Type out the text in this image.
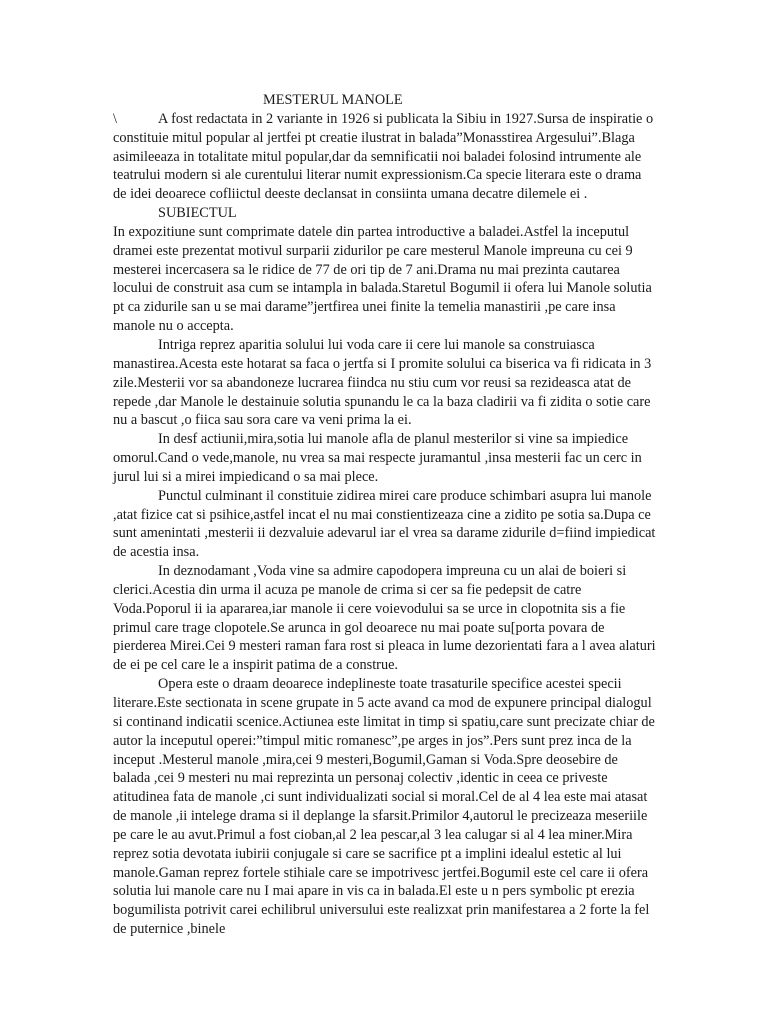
MESTERUL MANOLE

\	A fost redactata in 2 variante in 1926 si publicata la Sibiu in 1927.Sursa de inspiratie o constituie mitul popular al jertfei pt creatie ilustrat in balada”Monasstirea Argesului”.Blaga asimileeaza in totalitate mitul popular,dar da semnificatii noi baladei folosind intrumente ale teatrului modern si ale curentului literar numit expressionism.Ca specie literara este o drama de idei deoarece cofliictul deeste declansat in consiinta umana decatre dilemele ei .

SUBIECTUL

In expozitiune sunt comprimate datele din partea introductive a baladei.Astfel la inceputul dramei este prezentat motivul surparii zidurilor pe care mesterul Manole impreuna cu cei 9 mesterei incercasera sa le ridice de 77 de ori tip de 7 ani.Drama nu mai prezinta cautarea locului de construit asa cum se intampla in balada.Staretul Bogumil ii ofera lui Manole solutia pt ca zidurile san u se mai darame”jertfirea unei finite la temelia manastirii ,pe care insa manole nu o accepta.

Intriga reprez aparitia solului lui voda care ii cere lui manole sa construiasca manastirea.Acesta este hotarat sa faca o jertfa si I promite solului ca biserica va fi ridicata in 3 zile.Mesterii vor sa abandoneze lucrarea fiindca nu stiu cum vor reusi sa rezideasca atat de repede ,dar Manole le destainuie solutia spunandu le ca la baza cladirii va fi zidita o sotie care nu a bascut ,o fiica sau sora care va veni prima la ei.

In desf actiunii,mira,sotia lui manole afla de planul mesterilor si vine sa impiedice omorul.Cand o vede,manole, nu vrea sa mai respecte juramantul ,insa mesterii fac un cerc in jurul lui si a mirei impiedicand o sa mai plece.

Punctul culminant il constituie zidirea mirei care produce schimbari asupra lui manole ,atat fizice cat si psihice,astfel incat el nu mai constientizeaza cine a zidito pe sotia sa.Dupa ce sunt amenintati ,mesterii ii dezvaluie adevarul iar el vrea sa darame zidurile d=fiind impiedicat de acestia insa.

In deznodamant ,Voda vine sa admire capodopera impreuna cu un alai de boieri si clerici.Acestia din urma il acuza pe manole de crima si cer sa fie pedepsit de catre Voda.Poporul ii ia apararea,iar manole ii cere voievodului sa se urce in clopotnita sis a fie primul care trage clopotele.Se arunca in gol deoarece nu mai poate su[porta povara de pierderea Mirei.Cei 9 mesteri raman fara rost si pleaca in lume dezorientati fara a l avea alaturi de ei pe cel care le a inspirit patima de a construe.

Opera este o draam deoarece indeplineste toate trasaturile specifice acestei specii literare.Este sectionata in scene grupate in 5 acte avand ca mod de expunere principal dialogul si continand indicatii scenice.Actiunea este limitat in timp si spatiu,care sunt precizate chiar de autor la inceputul operei:”timpul mitic romanesc”,pe arges in jos”.Pers sunt prez inca de la inceput .Mesterul manole ,mira,cei 9 mesteri,Bogumil,Gaman si Voda.Spre deosebire de balada ,cei 9 mesteri nu mai reprezinta un personaj colectiv ,identic in ceea ce priveste atitudinea fata de manole ,ci sunt individualizati social si moral.Cel de al 4 lea este mai atasat de manole ,ii intelege drama si il deplange la sfarsit.Primilor 4,autorul le precizeaza meseriile pe care le au avut.Primul a fost cioban,al 2 lea pescar,al 3 lea calugar si al 4 lea miner.Mira reprez sotia devotata iubirii conjugale si care se sacrifice pt a implini idealul estetic al lui manole.Gaman reprez fortele stihiale care se impotrivesc jertfei.Bogumil este cel care ii ofera solutia lui manole care nu I mai apare in vis ca in balada.El este u n pers symbolic pt erezia bogumilista potrivit carei echilibrul universului este realizxat prin manifestarea a 2 forte la fel de puternice ,binele
